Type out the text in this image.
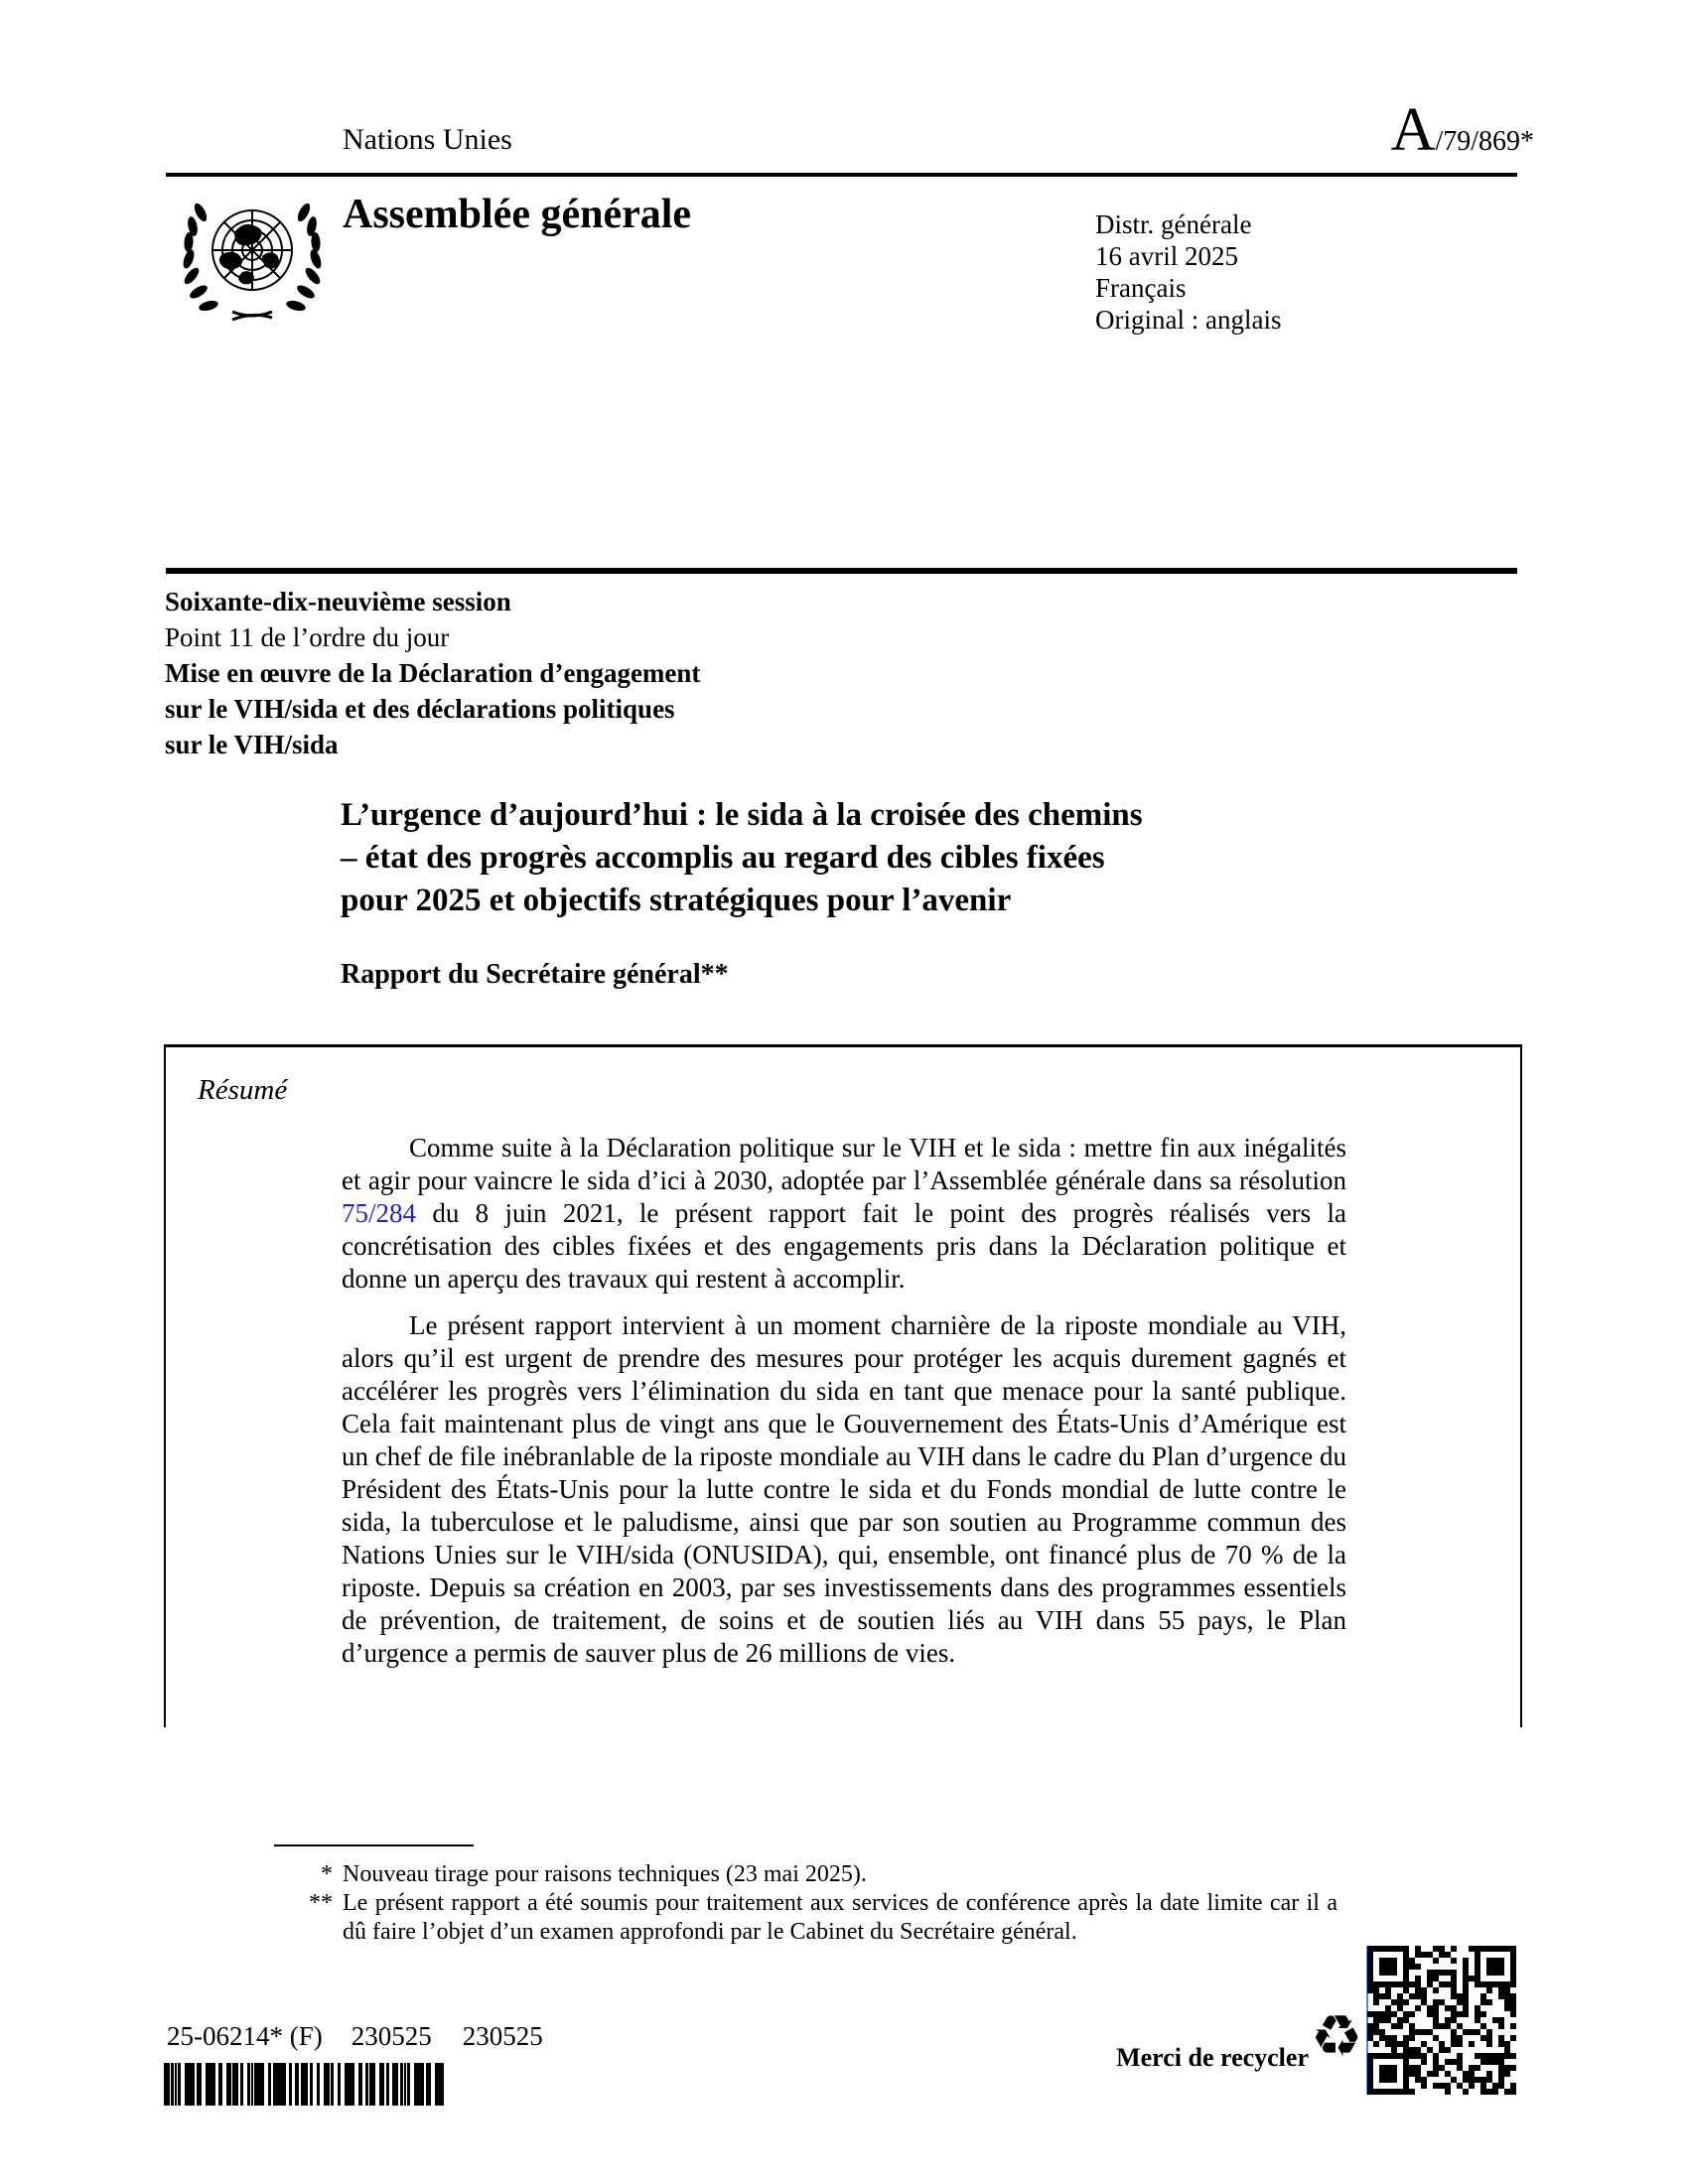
Nations Unies	A /79/869*
Assemblée générale	Distr. générale
16 avril 2025
Français
Original : anglais
Soixante-dix-neuvième session
Point 11 de l’ordre du jour
Mise en œuvre de la Déclaration d’engagement
sur le VIH/sida et des déclarations politiques
sur le VIH/sida
L’urgence d’aujourd’hui : le sida à la croisée des chemins
– état des progrès accomplis au regard des cibles fixées
pour 2025 et objectifs stratégiques pour l’avenir
Rapport du Secrétaire général**
Résumé

Comme suite à la Déclaration politique sur le VIH et le sida : mettre fin aux inégalités et agir pour vaincre le sida d’ici à 2030, adoptée par l’Assemblée générale dans sa résolution 75/284 du 8 juin 2021, le présent rapport fait le point des progrès réalisés vers la concrétisation des cibles fixées et des engagements pris dans la Déclaration politique et donne un aperçu des travaux qui restent à accomplir.

Le présent rapport intervient à un moment charnière de la riposte mondiale au VIH, alors qu’il est urgent de prendre des mesures pour protéger les acquis durement gagnés et accélérer les progrès vers l’élimination du sida en tant que menace pour la santé publique. Cela fait maintenant plus de vingt ans que le Gouvernement des États-Unis d’Amérique est un chef de file inébranlable de la riposte mondiale au VIH dans le cadre du Plan d’urgence du Président des États-Unis pour la lutte contre le sida et du Fonds mondial de lutte contre le sida, la tuberculose et le paludisme, ainsi que par son soutien au Programme commun des Nations Unies sur le VIH/sida (ONUSIDA), qui, ensemble, ont financé plus de 70 % de la riposte. Depuis sa création en 2003, par ses investissements dans des programmes essentiels de prévention, de traitement, de soins et de soutien liés au VIH dans 55 pays, le Plan d’urgence a permis de sauver plus de 26 millions de vies.

* Nouveau tirage pour raisons techniques (23 mai 2025).
** Le présent rapport a été soumis pour traitement aux services de conférence après la date limite car il a dû faire l’objet d’un examen approfondi par le Cabinet du Secrétaire général.
25-06214* (F) 230525 230525
Merci de recycler ♻
